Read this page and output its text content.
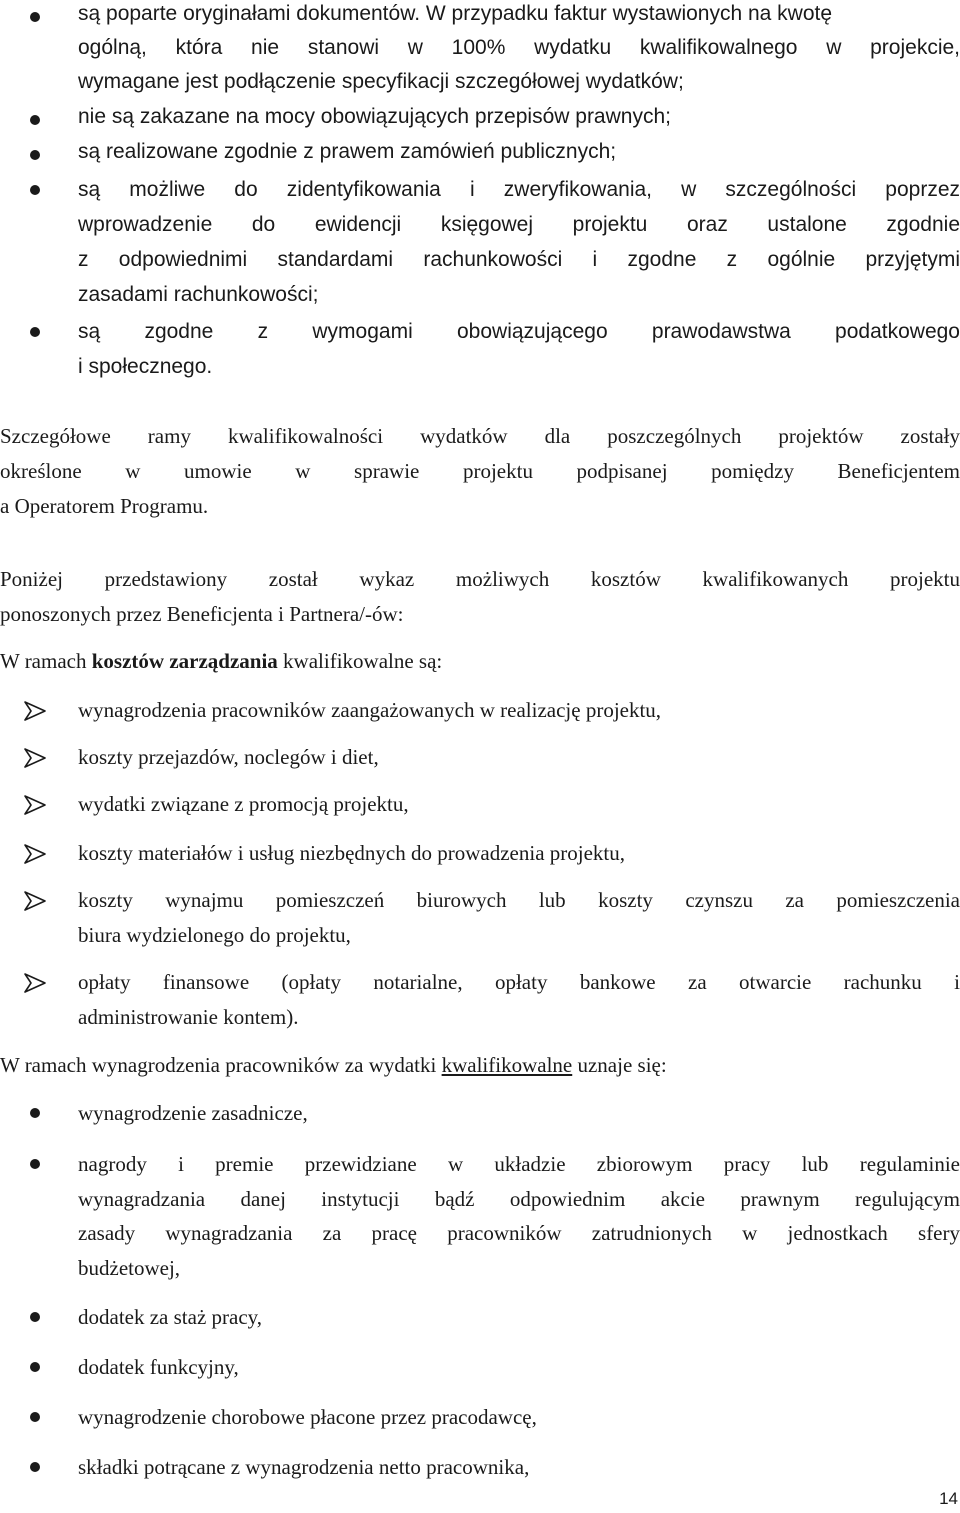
są poparte oryginałami dokumentów. W przypadku faktur wystawionych na kwotę
ogólną, która nie stanowi w 100% wydatku kwalifikowalnego w projekcie,
wymagane jest podłączenie specyfikacji szczegółowej wydatków;
nie są zakazane na mocy obowiązujących przepisów prawnych;
są realizowane zgodnie z prawem zamówień publicznych;
są możliwe do zidentyfikowania i zweryfikowania, w szczególności poprzez
wprowadzenie do ewidencji księgowej projektu oraz ustalone zgodnie
z odpowiednimi standardami rachunkowości i zgodne z ogólnie przyjętymi
zasadami rachunkowości;
są zgodne z wymogami obowiązującego prawodawstwa podatkowego
i społecznego.
Szczegółowe ramy kwalifikowalności wydatków dla poszczególnych projektów zostały
określone w umowie w sprawie projektu podpisanej pomiędzy Beneficjentem
a Operatorem Programu.
Poniżej przedstawiony został wykaz możliwych kosztów kwalifikowanych projektu
ponoszonych przez Beneficjenta i Partnera/-ów:
W ramach kosztów zarządzania kwalifikowalne są:
wynagrodzenia pracowników zaangażowanych w realizację projektu,
koszty przejazdów, noclegów i diet,
wydatki związane z promocją projektu,
koszty materiałów i usług niezbędnych do prowadzenia projektu,
koszty wynajmu pomieszczeń biurowych lub koszty czynszu za pomieszczenia
biura wydzielonego do projektu,
opłaty finansowe (opłaty notarialne, opłaty bankowe za otwarcie rachunku i
administrowanie kontem).
W ramach wynagrodzenia pracowników za wydatki kwalifikowalne uznaje się:
wynagrodzenie zasadnicze,
nagrody i premie przewidziane w układzie zbiorowym pracy lub regulaminie
wynagradzania danej instytucji bądź odpowiednim akcie prawnym regulującym
zasady wynagradzania za pracę pracowników zatrudnionych w jednostkach sfery
budżetowej,
dodatek za staż pracy,
dodatek funkcyjny,
wynagrodzenie chorobowe płacone przez pracodawcę,
składki potrącane z wynagrodzenia netto pracownika,
14
